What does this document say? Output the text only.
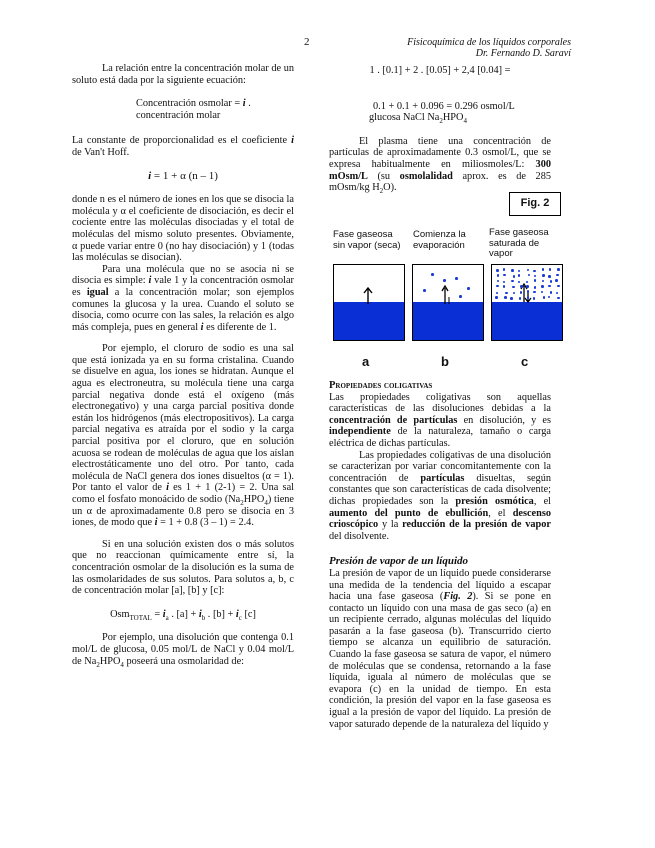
2	Fisicoquímica de los líquidos corporales
Dr. Fernando D. Saraví

La relación entre la concentración molar de un soluto está dada por la siguiente ecuación:

Concentración osmolar = i .

concentración molar

La constante de proporcionalidad es el coeficiente i de Van't Hoff.

i = 1 + α (n – 1)

donde n es el número de iones en los que se disocia la molécula y α el coeficiente de disociación, es decir el cociente entre las moléculas disociadas y el total de moléculas del mismo soluto presentes. Obviamente, α puede variar entre 0 (no hay disociación) y 1 (todas las moléculas se disocian).

Para una molécula que no se asocia ni se disocia es simple: i vale 1 y la concentración osmolar es igual a la concentración molar; son ejemplos comunes la glucosa y la urea. Cuando el soluto se disocia, como ocurre con las sales, la relación es algo más compleja, pues en general i es diferente de 1.

Por ejemplo, el cloruro de sodio es una sal que está ionizada ya en su forma cristalina. Cuando se disuelve en agua, los iones se hidratan. Aunque el agua es electroneutra, su molécula tiene una carga parcial negativa donde está el oxígeno (más electronegativo) y una carga parcial positiva donde están los hidrógenos (más electropositivos). La carga parcial negativa es atraída por el sodio y la carga parcial positiva por el cloruro, que en solución acuosa se rodean de moléculas de agua que los aíslan electrostáticamente uno del otro. Por tanto, cada molécula de NaCl genera dos iones disueltos (α = 1). Por tanto el valor de i es 1 + 1 (2-1) = 2. Una sal como el fosfato monoácido de sodio $(Na_2HPO_4)$ tiene un α de aproximadamente 0.8 pero se disocia en 3 iones, de modo que i = 1 + 0.8 (3 – 1) = 2.4.

Si en una solución existen dos o más solutos que no reaccionan químicamente entre sí, la concentración osmolar de la disolución es la suma de las osmolaridades de sus solutos. Para solutos a, b, c de concentración molar [a], [b] y [c]:

$Osm_{TOTAL} = i_a$ . $[a] + i_b$ . $[b] + i_c$ [c]

Por ejemplo, una disolución que contenga 0.1 mol/L de glucosa, 0.05 mol/L de NaCl y 0.04 mol/L de $Na_2HPO_4$ poseerá una osmolaridad de:

1 . [0.1] + 2 . [0.05] + 2,4 [0.04] =

0.1 + 0.1 + 0.096 = 0.296 osmol/L

glucosa NaCl $Na_2HPO_4$

El plasma tiene una concentración de partículas de aproximadamente 0.3 osmol/L, que se expresa habitualmente en miliosmoles/L: 300 mOsm/L (su osmolalidad aprox. es de 285 mOsm/kg $H_2O$).

Fig. 2
Fase gaseosa sin vapor (seca)
Comienza la evaporación
Fase gaseosa saturada de vapor
a	b	c

Propiedades coligativas

Las propiedades coligativas son aquellas características de las disoluciones debidas a la concentración de partículas en disolución, y es independiente de la naturaleza, tamaño o carga eléctrica de dichas partículas.

Las propiedades coligativas de una disolución se caracterizan por variar concomitantemente con la concentración de partículas disueltas, según constantes que son características de cada disolvente; dichas propiedades son la presión osmótica, el aumento del punto de ebullición, el descenso crioscópico y la reducción de la presión de vapor del disolvente.

Presión de vapor de un líquido

La presión de vapor de un líquido puede considerarse una medida de la tendencia del líquido a escapar hacia una fase gaseosa (Fig. 2). Si se pone en contacto un líquido con una masa de gas seco (a) en un recipiente cerrado, algunas moléculas del líquido pasarán a la fase gaseosa (b). Transcurrido cierto tiempo se alcanza un equilibrio de saturación. Cuando la fase gaseosa se satura de vapor, el número de moléculas que se condensa, retornando a la fase líquida, iguala al número de moléculas que se evapora (c) en la unidad de tiempo. En esta condición, la presión del vapor en la fase gaseosa es igual a la presión de vapor del líquido. La presión de vapor saturado depende de la naturaleza del líquido y
